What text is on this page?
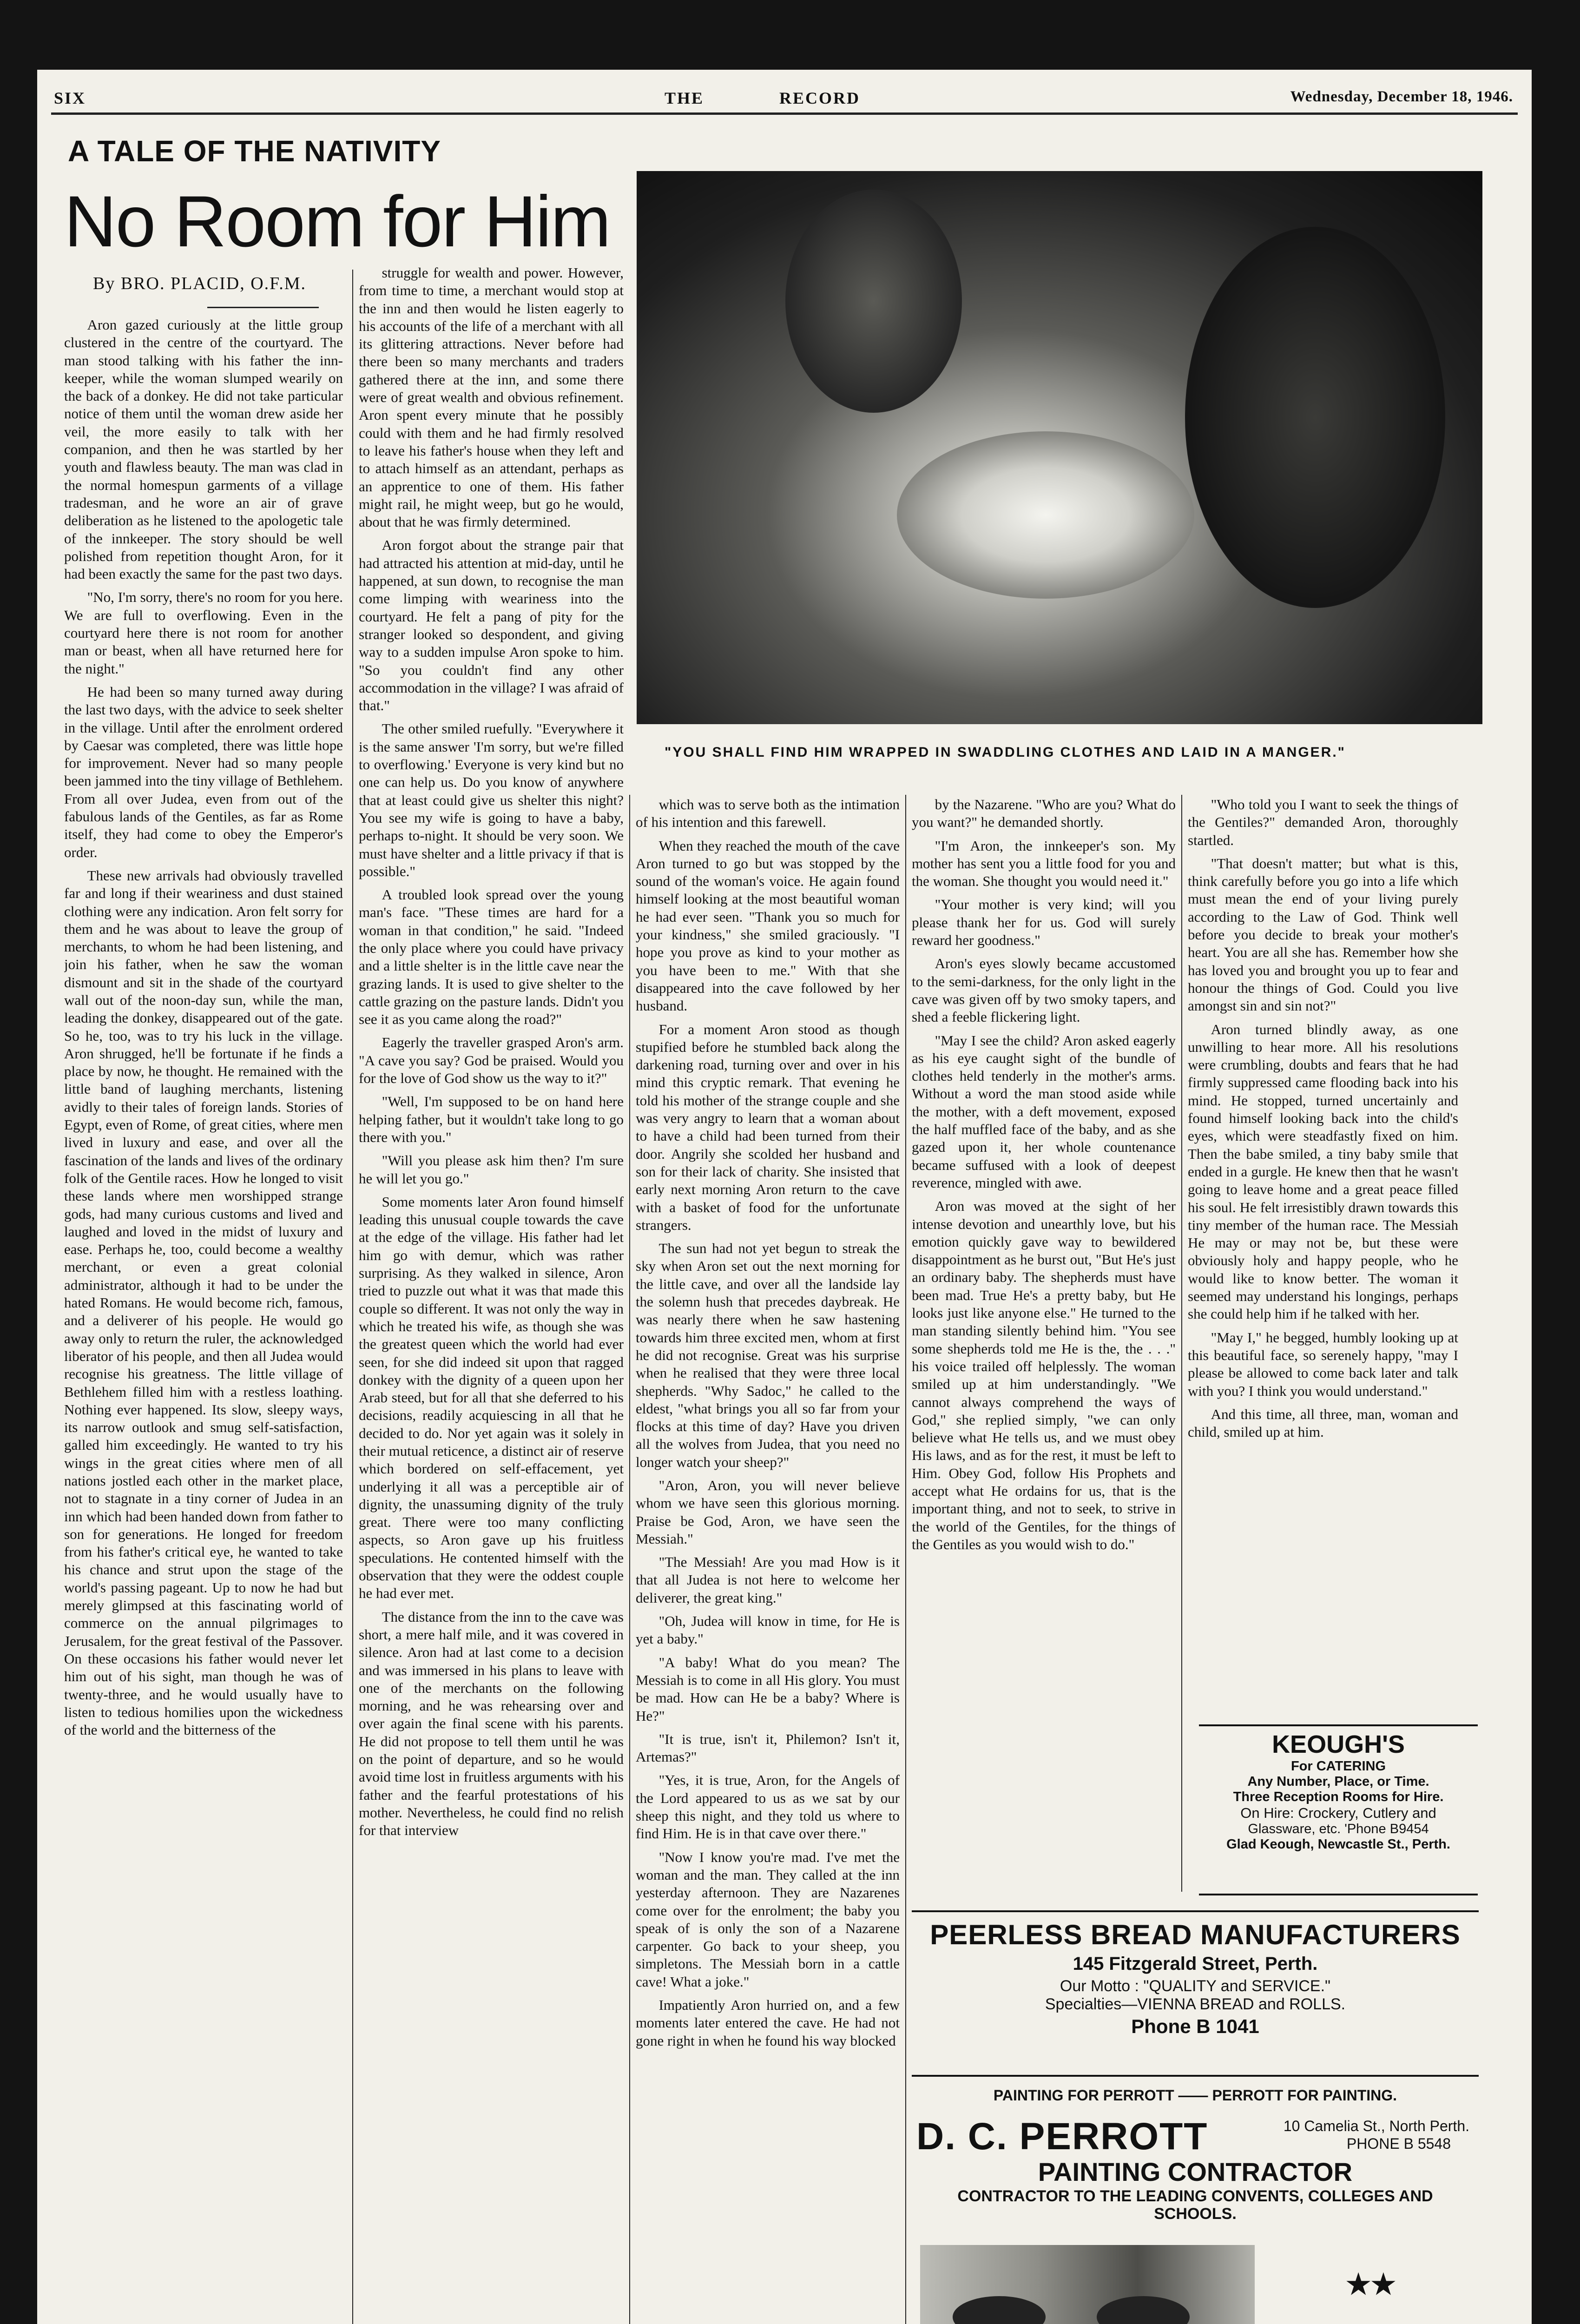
SIX	THE RECORD	Wednesday, December 18, 1946.
A TALE OF THE NATIVITY
No Room for Him
By BRO. PLACID, O.F.M.
"YOU SHALL FIND HIM WRAPPED IN SWADDLING CLOTHES AND LAID IN A MANGER."

Aron gazed curiously at the little group clustered in the centre of the courtyard. The man stood talking with his father the inn-keeper, while the woman slumped wearily on the back of a donkey. He did not take particular notice of them until the woman drew aside her veil, the more easily to talk with her companion, and then he was startled by her youth and flawless beauty. The man was clad in the normal homespun garments of a village tradesman, and he wore an air of grave deliberation as he listened to the apologetic tale of the innkeeper. The story should be well polished from repetition thought Aron, for it had been exactly the same for the past two days.

"No, I'm sorry, there's no room for you here. We are full to overflowing. Even in the courtyard here there is not room for another man or beast, when all have returned here for the night."

He had been so many turned away during the last two days, with the advice to seek shelter in the village. Until after the enrolment ordered by Caesar was completed, there was little hope for improvement. Never had so many people been jammed into the tiny village of Bethlehem. From all over Judea, even from out of the fabulous lands of the Gentiles, as far as Rome itself, they had come to obey the Emperor's order.

These new arrivals had obviously travelled far and long if their weariness and dust stained clothing were any indication. Aron felt sorry for them and he was about to leave the group of merchants, to whom he had been listening, and join his father, when he saw the woman dismount and sit in the shade of the courtyard wall out of the noon-day sun, while the man, leading the donkey, disappeared out of the gate. So he, too, was to try his luck in the village. Aron shrugged, he'll be fortunate if he finds a place by now, he thought. He remained with the little band of laughing merchants, listening avidly to their tales of foreign lands. Stories of Egypt, even of Rome, of great cities, where men lived in luxury and ease, and over all the fascination of the lands and lives of the ordinary folk of the Gentile races. How he longed to visit these lands where men worshipped strange gods, had many curious customs and lived and laughed and loved in the midst of luxury and ease. Perhaps he, too, could become a wealthy merchant, or even a great colonial administrator, although it had to be under the hated Romans. He would become rich, famous, and a deliverer of his people. He would go away only to return the ruler, the acknowledged liberator of his people, and then all Judea would recognise his greatness. The little village of Bethlehem filled him with a restless loathing. Nothing ever happened. Its slow, sleepy ways, its narrow outlook and smug self-satisfaction, galled him exceedingly. He wanted to try his wings in the great cities where men of all nations jostled each other in the market place, not to stagnate in a tiny corner of Judea in an inn which had been handed down from father to son for generations. He longed for freedom from his father's critical eye, he wanted to take his chance and strut upon the stage of the world's passing pageant. Up to now he had but merely glimpsed at this fascinating world of commerce on the annual pilgrimages to Jerusalem, for the great festival of the Passover. On these occasions his father would never let him out of his sight, man though he was of twenty-three, and he would usually have to listen to tedious homilies upon the wickedness of the world and the bitterness of the

struggle for wealth and power. However, from time to time, a merchant would stop at the inn and then would he listen eagerly to his accounts of the life of a merchant with all its glittering attractions. Never before had there been so many merchants and traders gathered there at the inn, and some there were of great wealth and obvious refinement. Aron spent every minute that he possibly could with them and he had firmly resolved to leave his father's house when they left and to attach himself as an attendant, perhaps as an apprentice to one of them. His father might rail, he might weep, but go he would, about that he was firmly determined.

Aron forgot about the strange pair that had attracted his attention at mid-day, until he happened, at sun down, to recognise the man come limping with weariness into the courtyard. He felt a pang of pity for the stranger looked so despondent, and giving way to a sudden impulse Aron spoke to him. "So you couldn't find any other accommodation in the village? I was afraid of that."

The other smiled ruefully. "Everywhere it is the same answer 'I'm sorry, but we're filled to overflowing.' Everyone is very kind but no one can help us. Do you know of anywhere that at least could give us shelter this night? You see my wife is going to have a baby, perhaps to-night. It should be very soon. We must have shelter and a little privacy if that is possible."

A troubled look spread over the young man's face. "These times are hard for a woman in that condition," he said. "Indeed the only place where you could have privacy and a little shelter is in the little cave near the grazing lands. It is used to give shelter to the cattle grazing on the pasture lands. Didn't you see it as you came along the road?"

Eagerly the traveller grasped Aron's arm. "A cave you say? God be praised. Would you for the love of God show us the way to it?"

"Well, I'm supposed to be on hand here helping father, but it wouldn't take long to go there with you."

"Will you please ask him then? I'm sure he will let you go."

Some moments later Aron found himself leading this unusual couple towards the cave at the edge of the village. His father had let him go with demur, which was rather surprising. As they walked in silence, Aron tried to puzzle out what it was that made this couple so different. It was not only the way in which he treated his wife, as though she was the greatest queen which the world had ever seen, for she did indeed sit upon that ragged donkey with the dignity of a queen upon her Arab steed, but for all that she deferred to his decisions, readily acquiescing in all that he decided to do. Nor yet again was it solely in their mutual reticence, a distinct air of reserve which bordered on self-effacement, yet underlying it all was a perceptible air of dignity, the unassuming dignity of the truly great. There were too many conflicting aspects, so Aron gave up his fruitless speculations. He contented himself with the observation that they were the oddest couple he had ever met.

The distance from the inn to the cave was short, a mere half mile, and it was covered in silence. Aron had at last come to a decision and was immersed in his plans to leave with one of the merchants on the following morning, and he was rehearsing over and over again the final scene with his parents. He did not propose to tell them until he was on the point of departure, and so he would avoid time lost in fruitless arguments with his father and the fearful protestations of his mother. Nevertheless, he could find no relish for that interview

which was to serve both as the intimation of his intention and this farewell.

When they reached the mouth of the cave Aron turned to go but was stopped by the sound of the woman's voice. He again found himself looking at the most beautiful woman he had ever seen. "Thank you so much for your kindness," she smiled graciously. "I hope you prove as kind to your mother as you have been to me." With that she disappeared into the cave followed by her husband.

For a moment Aron stood as though stupified before he stumbled back along the darkening road, turning over and over in his mind this cryptic remark. That evening he told his mother of the strange couple and she was very angry to learn that a woman about to have a child had been turned from their door. Angrily she scolded her husband and son for their lack of charity. She insisted that early next morning Aron return to the cave with a basket of food for the unfortunate strangers.

The sun had not yet begun to streak the sky when Aron set out the next morning for the little cave, and over all the landside lay the solemn hush that precedes daybreak. He was nearly there when he saw hastening towards him three excited men, whom at first he did not recognise. Great was his surprise when he realised that they were three local shepherds. "Why Sadoc," he called to the eldest, "what brings you all so far from your flocks at this time of day? Have you driven all the wolves from Judea, that you need no longer watch your sheep?"

"Aron, Aron, you will never believe whom we have seen this glorious morning. Praise be God, Aron, we have seen the Messiah."

"The Messiah! Are you mad How is it that all Judea is not here to welcome her deliverer, the great king."

"Oh, Judea will know in time, for He is yet a baby."

"A baby! What do you mean? The Messiah is to come in all His glory. You must be mad. How can He be a baby? Where is He?"

"It is true, isn't it, Philemon? Isn't it, Artemas?"

"Yes, it is true, Aron, for the Angels of the Lord appeared to us as we sat by our sheep this night, and they told us where to find Him. He is in that cave over there."

"Now I know you're mad. I've met the woman and the man. They called at the inn yesterday afternoon. They are Nazarenes come over for the enrolment; the baby you speak of is only the son of a Nazarene carpenter. Go back to your sheep, you simpletons. The Messiah born in a cattle cave! What a joke."

Impatiently Aron hurried on, and a few moments later entered the cave. He had not gone right in when he found his way blocked

by the Nazarene. "Who are you? What do you want?" he demanded shortly.

"I'm Aron, the innkeeper's son. My mother has sent you a little food for you and the woman. She thought you would need it."

"Your mother is very kind; will you please thank her for us. God will surely reward her goodness."

Aron's eyes slowly became accustomed to the semi-darkness, for the only light in the cave was given off by two smoky tapers, and shed a feeble flickering light.

"May I see the child? Aron asked eagerly as his eye caught sight of the bundle of clothes held tenderly in the mother's arms. Without a word the man stood aside while the mother, with a deft movement, exposed the half muffled face of the baby, and as she gazed upon it, her whole countenance became suffused with a look of deepest reverence, mingled with awe.

Aron was moved at the sight of her intense devotion and unearthly love, but his emotion quickly gave way to bewildered disappointment as he burst out, "But He's just an ordinary baby. The shepherds must have been mad. True He's a pretty baby, but He looks just like anyone else." He turned to the man standing silently behind him. "You see some shepherds told me He is the, the . . ." his voice trailed off helplessly. The woman smiled up at him understandingly. "We cannot always comprehend the ways of God," she replied simply, "we can only believe what He tells us, and we must obey His laws, and as for the rest, it must be left to Him. Obey God, follow His Prophets and accept what He ordains for us, that is the important thing, and not to seek, to strive in the world of the Gentiles, for the things of the Gentiles as you would wish to do."

"Who told you I want to seek the things of the Gentiles?" demanded Aron, thoroughly startled.

"That doesn't matter; but what is this, think carefully before you go into a life which must mean the end of your living purely according to the Law of God. Think well before you decide to break your mother's heart. You are all she has. Remember how she has loved you and brought you up to fear and honour the things of God. Could you live amongst sin and sin not?"

Aron turned blindly away, as one unwilling to hear more. All his resolutions were crumbling, doubts and fears that he had firmly suppressed came flooding back into his mind. He stopped, turned uncertainly and found himself looking back into the child's eyes, which were steadfastly fixed on him. Then the babe smiled, a tiny baby smile that ended in a gurgle. He knew then that he wasn't going to leave home and a great peace filled his soul. He felt irresistibly drawn towards this tiny member of the human race. The Messiah He may or may not be, but these were obviously holy and happy people, who he would like to know better. The woman it seemed may understand his longings, perhaps she could help him if he talked with her.

"May I," he begged, humbly looking up at this beautiful face, so serenely happy, "may I please be allowed to come back later and talk with you? I think you would understand."

And this time, all three, man, woman and child, smiled up at him.

KEOUGH'S
For CATERING
Any Number, Place, or Time.
Three Reception Rooms for Hire.
On Hire: Crockery, Cutlery and
Glassware, etc. 'Phone B9454
Glad Keough, Newcastle St., Perth.
PEERLESS BREAD MANUFACTURERS
145 Fitzgerald Street, Perth.
Our Motto : "QUALITY and SERVICE."
Specialties—VIENNA BREAD and ROLLS.
Phone B 1041
PAINTING FOR PERROTT —— PERROTT FOR PAINTING.
D. C. PERROTT	10 Camelia St., North Perth.
PHONE B 5548
PAINTING CONTRACTOR
CONTRACTOR TO THE LEADING CONVENTS, COLLEGES AND
SCHOOLS.
★★
